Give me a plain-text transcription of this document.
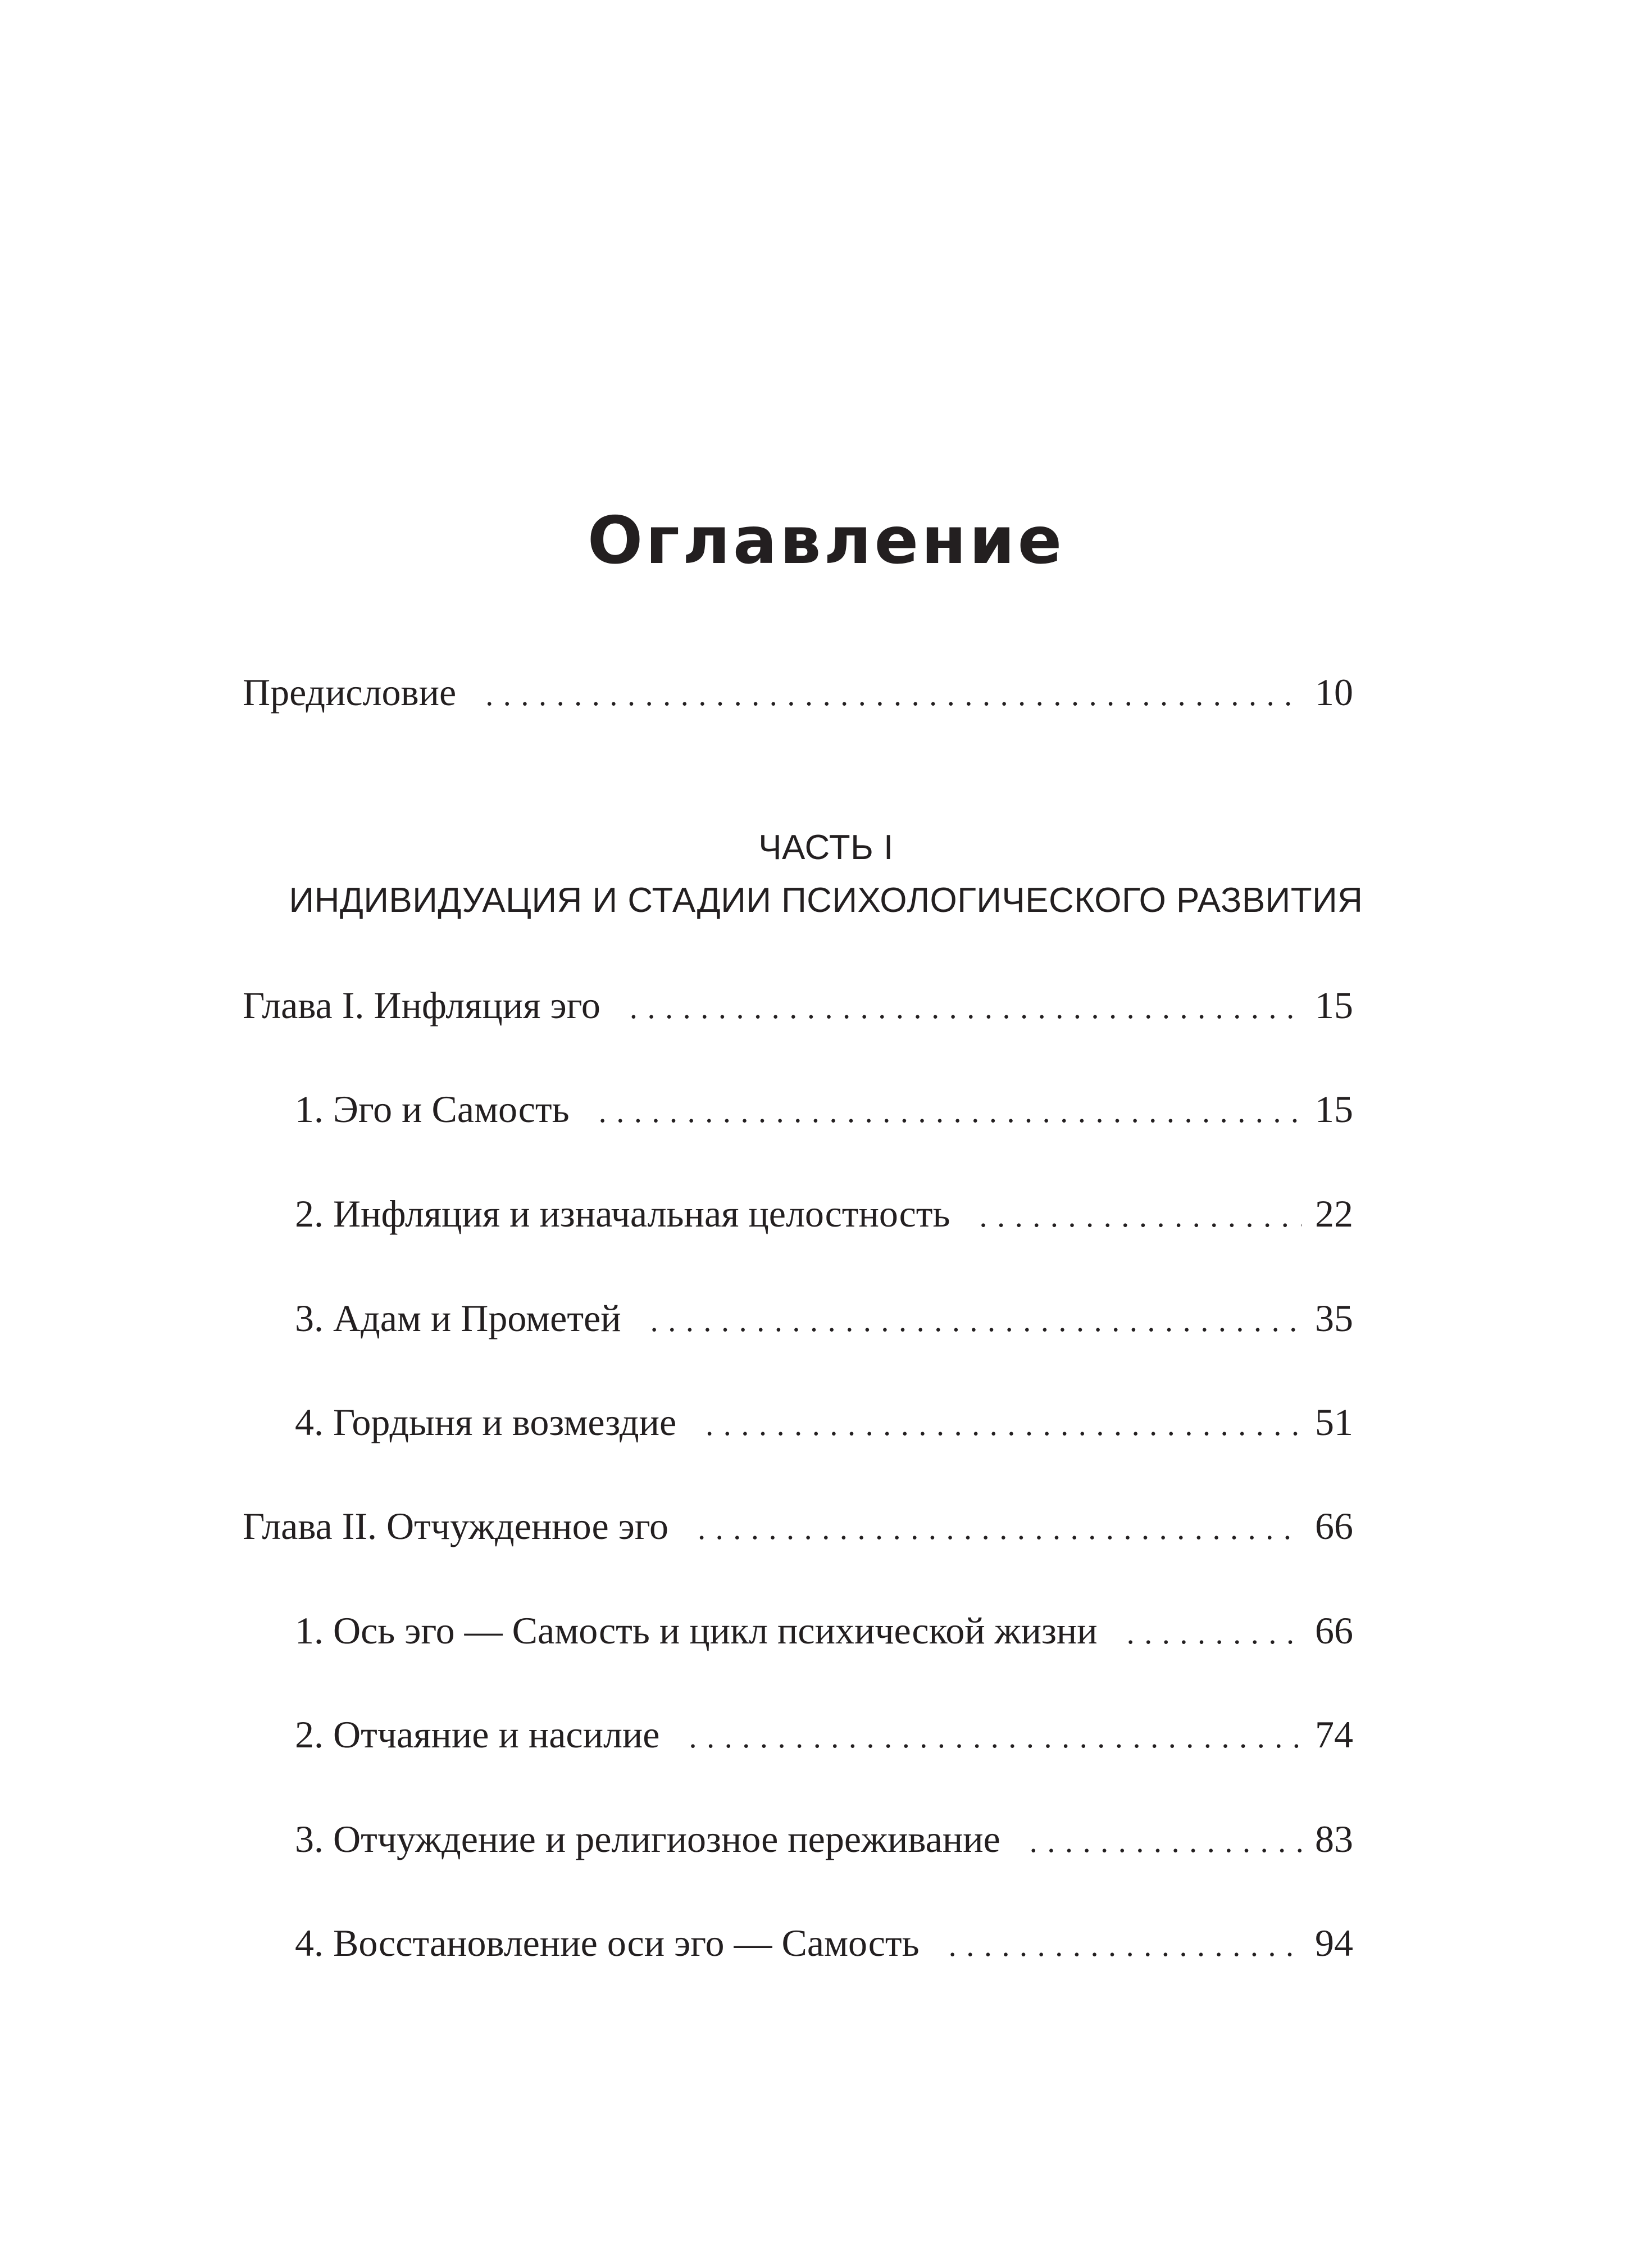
Оглавление
Предисловие .....	10
ЧАСТЬ I
ИНДИВИДУАЦИЯ И СТАДИИ ПСИХОЛОГИЧЕСКОГО РАЗВИТИЯ
Глава I. Инфляция эго .....	15
1. Эго и Самость .....	15
2. Инфляция и изначальная целостность .....	22
3. Адам и Прометей .....	35
4. Гордыня и возмездие .....	51
Глава II. Отчужденное эго .....	66
1. Ось эго — Самость и цикл психической жизни .....	66
2. Отчаяние и насилие .....	74
3. Отчуждение и религиозное переживание .....	83
4. Восстановление оси эго — Самость .....	94
